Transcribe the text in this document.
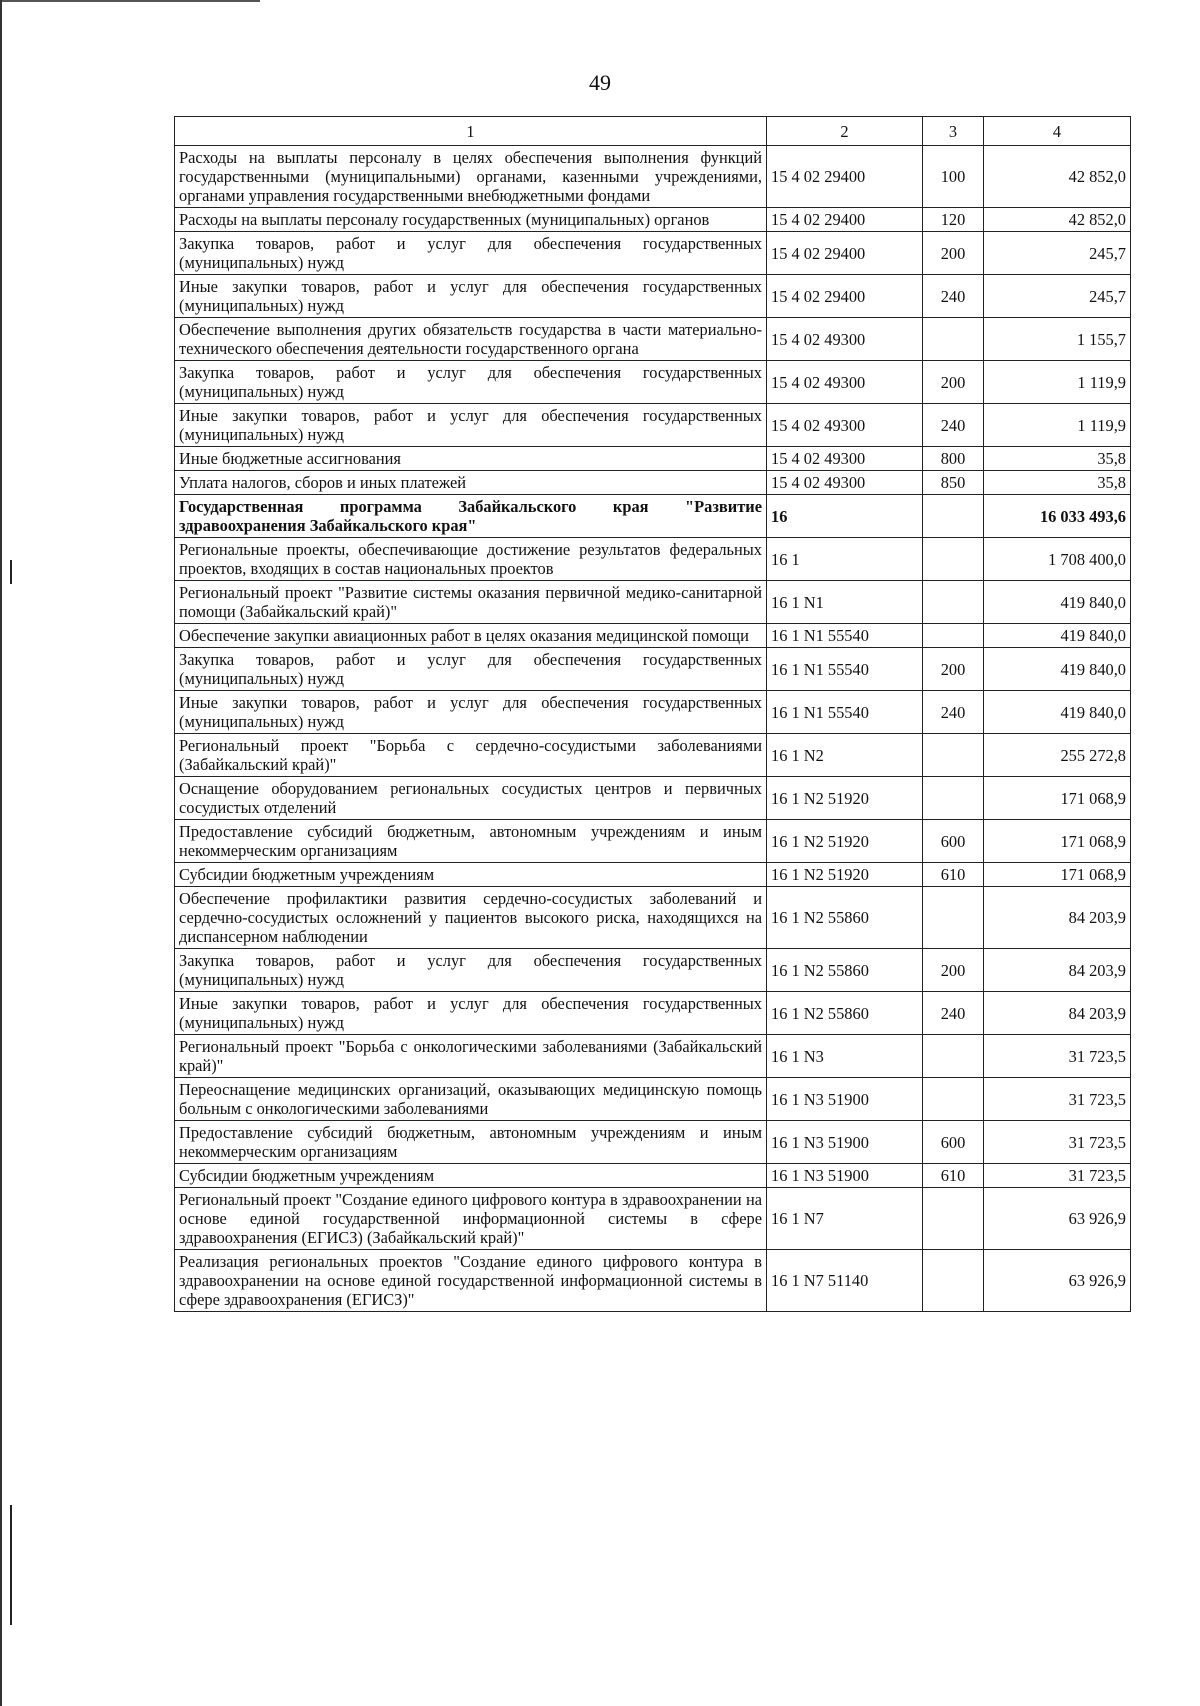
49
1	2	3	4
Расходы на выплаты персоналу в целях обеспечения выполнения функций государственными (муниципальными) органами, казенными учреждениями, органами управления государственными внебюджетными фондами	15 4 02 29400	100	42 852,0
Расходы на выплаты персоналу государственных (муниципальных) органов	15 4 02 29400	120	42 852,0
Закупка товаров, работ и услуг для обеспечения государственных (муниципальных) нужд	15 4 02 29400	200	245,7
Иные закупки товаров, работ и услуг для обеспечения государственных (муниципальных) нужд	15 4 02 29400	240	245,7
Обеспечение выполнения других обязательств государства в части материально-технического обеспечения деятельности государственного органа	15 4 02 49300		1 155,7
Закупка товаров, работ и услуг для обеспечения государственных (муниципальных) нужд	15 4 02 49300	200	1 119,9
Иные закупки товаров, работ и услуг для обеспечения государственных (муниципальных) нужд	15 4 02 49300	240	1 119,9
Иные бюджетные ассигнования	15 4 02 49300	800	35,8
Уплата налогов, сборов и иных платежей	15 4 02 49300	850	35,8
Государственная программа Забайкальского края "Развитие здравоохранения Забайкальского края"	16		16 033 493,6
Региональные проекты, обеспечивающие достижение результатов федеральных проектов, входящих в состав национальных проектов	16 1		1 708 400,0
Региональный проект "Развитие системы оказания первичной медико-санитарной помощи (Забайкальский край)"	16 1 N1		419 840,0
Обеспечение закупки авиационных работ в целях оказания медицинской помощи	16 1 N1 55540		419 840,0
Закупка товаров, работ и услуг для обеспечения государственных (муниципальных) нужд	16 1 N1 55540	200	419 840,0
Иные закупки товаров, работ и услуг для обеспечения государственных (муниципальных) нужд	16 1 N1 55540	240	419 840,0
Региональный проект "Борьба с сердечно-сосудистыми заболеваниями (Забайкальский край)"	16 1 N2		255 272,8
Оснащение оборудованием региональных сосудистых центров и первичных сосудистых отделений	16 1 N2 51920		171 068,9
Предоставление субсидий бюджетным, автономным учреждениям и иным некоммерческим организациям	16 1 N2 51920	600	171 068,9
Субсидии бюджетным учреждениям	16 1 N2 51920	610	171 068,9
Обеспечение профилактики развития сердечно-сосудистых заболеваний и сердечно-сосудистых осложнений у пациентов высокого риска, находящихся на диспансерном наблюдении	16 1 N2 55860		84 203,9
Закупка товаров, работ и услуг для обеспечения государственных (муниципальных) нужд	16 1 N2 55860	200	84 203,9
Иные закупки товаров, работ и услуг для обеспечения государственных (муниципальных) нужд	16 1 N2 55860	240	84 203,9
Региональный проект "Борьба с онкологическими заболеваниями (Забайкальский край)"	16 1 N3		31 723,5
Переоснащение медицинских организаций, оказывающих медицинскую помощь больным с онкологическими заболеваниями	16 1 N3 51900		31 723,5
Предоставление субсидий бюджетным, автономным учреждениям и иным некоммерческим организациям	16 1 N3 51900	600	31 723,5
Субсидии бюджетным учреждениям	16 1 N3 51900	610	31 723,5
Региональный проект "Создание единого цифрового контура в здравоохранении на основе единой государственной информационной системы в сфере здравоохранения (ЕГИСЗ) (Забайкальский край)"	16 1 N7		63 926,9
Реализация региональных проектов "Создание единого цифрового контура в здравоохранении на основе единой государственной информационной системы в сфере здравоохранения (ЕГИСЗ)"	16 1 N7 51140		63 926,9
